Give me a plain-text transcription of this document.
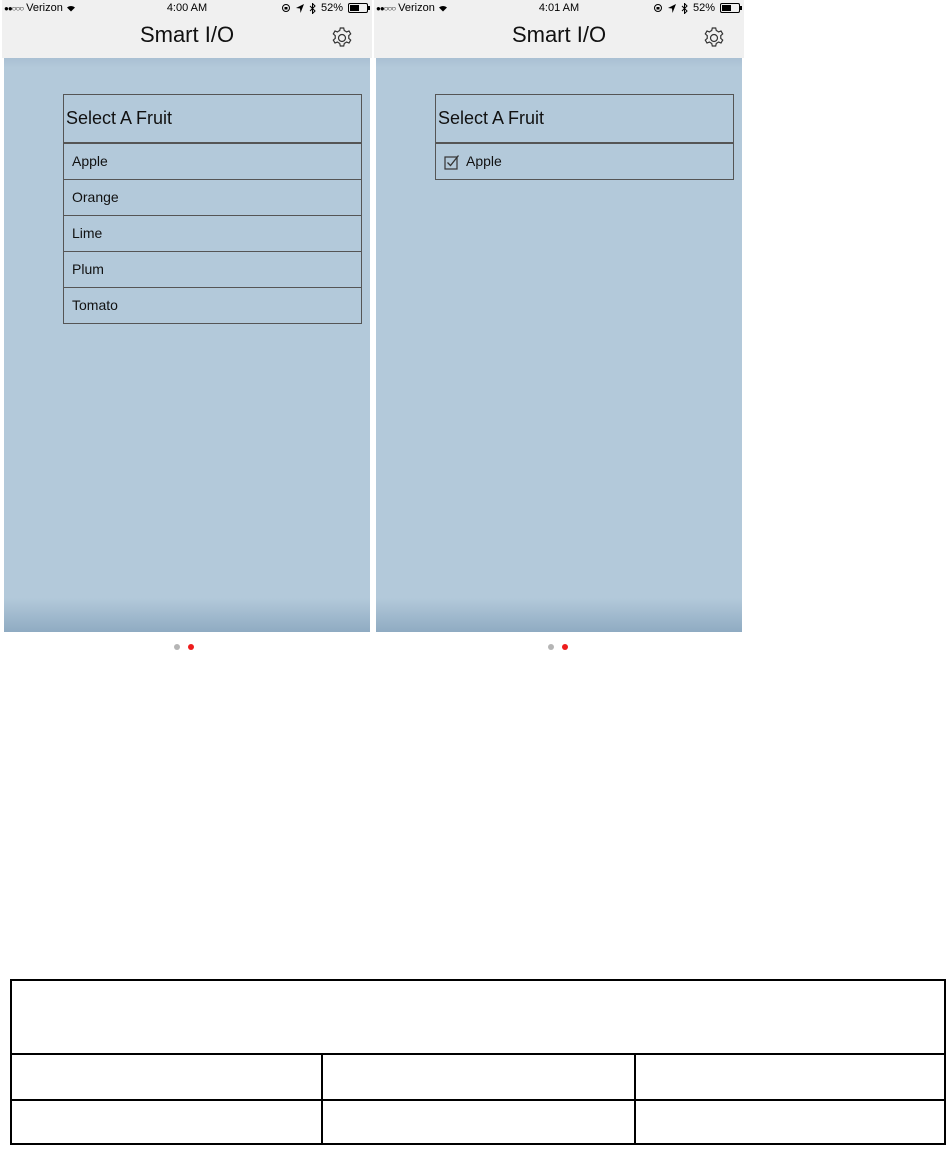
●●○○○ Verizon	4:00 AM	52%
Smart I/O
Select A Fruit
Apple
Orange
Lime
Plum
Tomato
●●○○○ Verizon	4:01 AM	52%
Smart I/O
Select A Fruit
Apple
